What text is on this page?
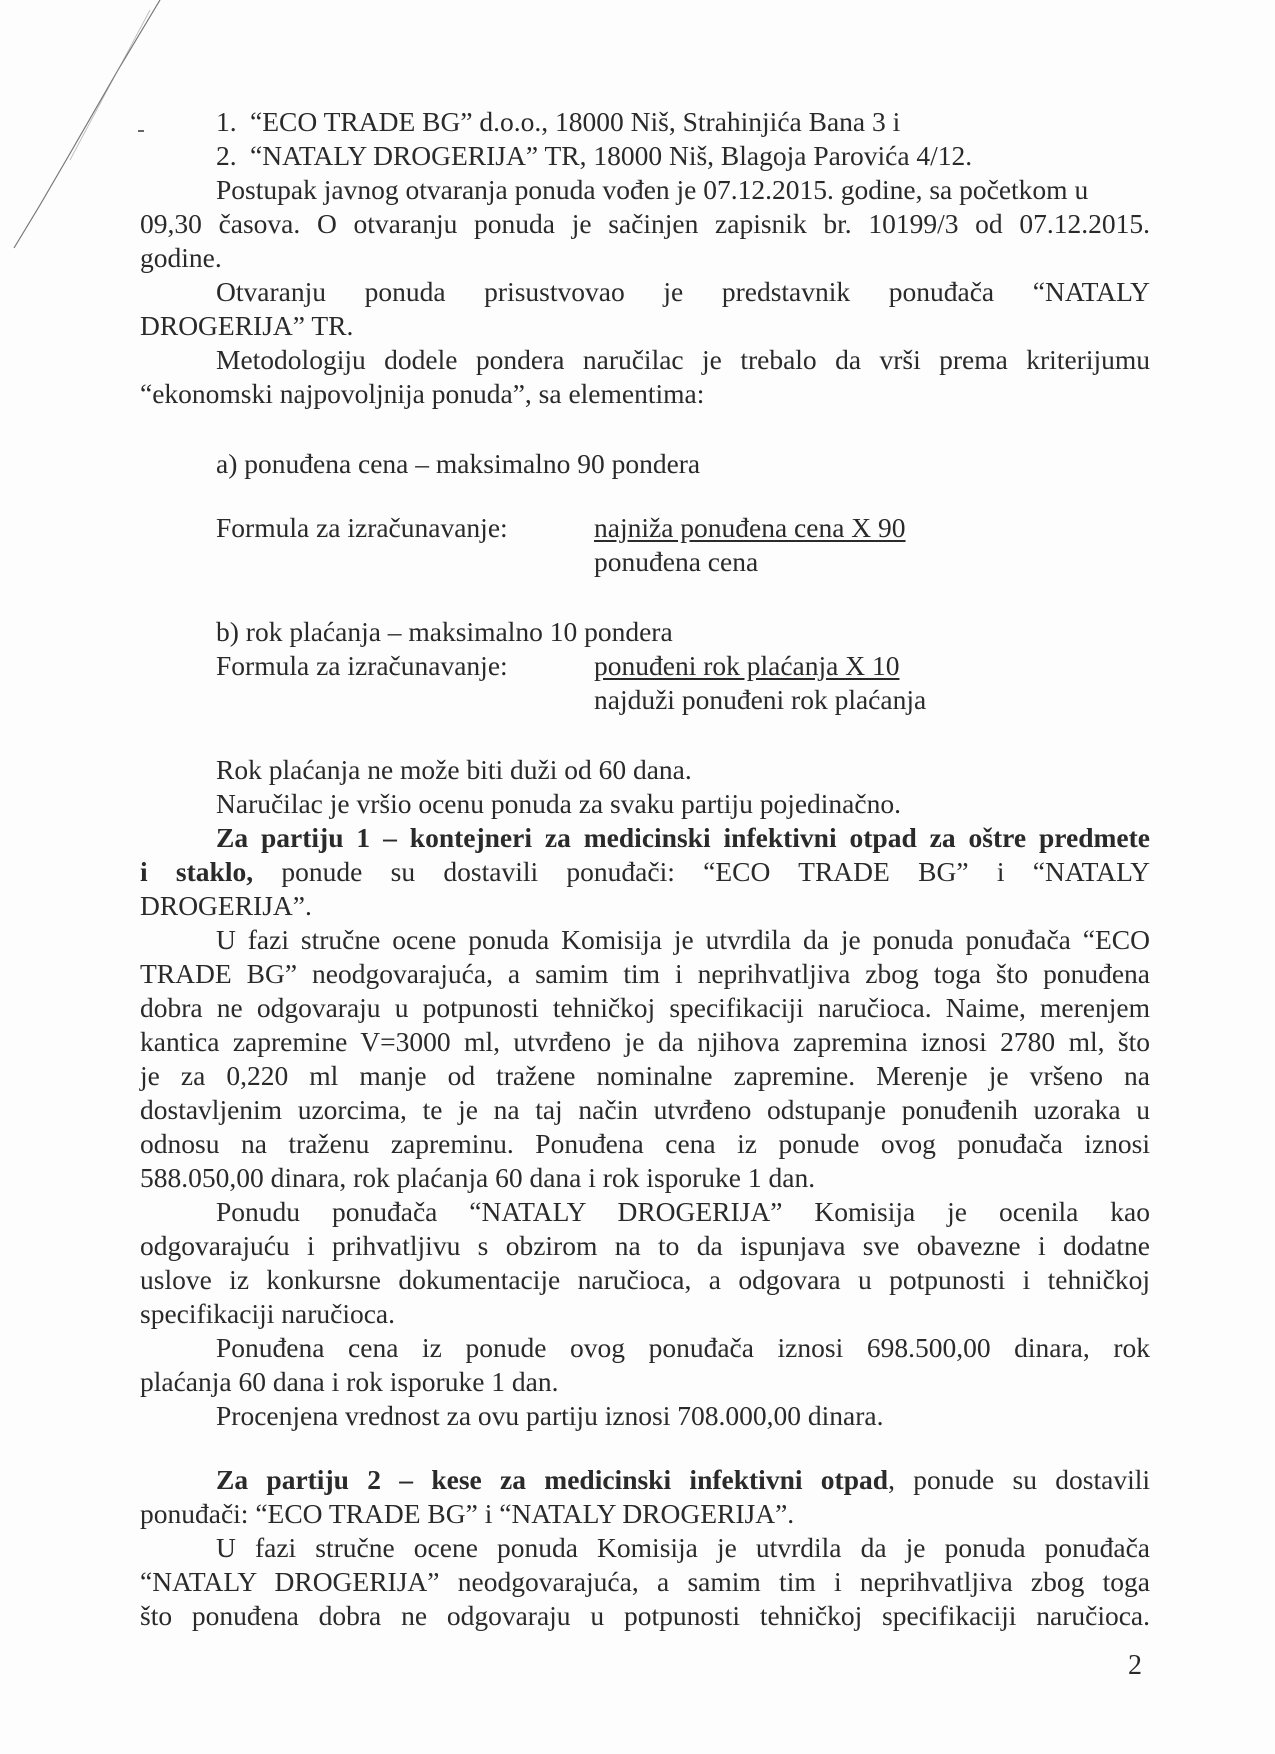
1. “ECO TRADE BG” d.o.o., 18000 Niš, Strahinjića Bana 3 i
2. “NATALY DROGERIJA” TR, 18000 Niš, Blagoja Parovića 4/12.
Postupak javnog otvaranja ponuda vođen je 07.12.2015. godine, sa početkom u
09,30 časova. O otvaranju ponuda je sačinjen zapisnik br. 10199/3 od 07.12.2015.
godine.
Otvaranju ponuda prisustvovao je predstavnik ponuđača “NATALY
DROGERIJA” TR.
Metodologiju dodele pondera naručilac je trebalo da vrši prema kriterijumu
“ekonomski najpovoljnija ponuda”, sa elementima:
a) ponuđena cena – maksimalno 90 pondera
Formula za izračunavanje:	$\frac{\text{najniža ponuđena cena X 90}}{\text{ponuđena cena}}$
b) rok plaćanja – maksimalno 10 pondera
Formula za izračunavanje:	$\frac{\text{ponuđeni rok plaćanja X 10}}{\text{najduži ponuđeni rok plaćanja}}$
Rok plaćanja ne može biti duži od 60 dana.
Naručilac je vršio ocenu ponuda za svaku partiju pojedinačno.
Za partiju 1 – kontejneri za medicinski infektivni otpad za oštre predmete
i staklo, ponude su dostavili ponuđači: “ECO TRADE BG” i “NATALY
DROGERIJA”.
U fazi stručne ocene ponuda Komisija je utvrdila da je ponuda ponuđača “ECO
TRADE BG” neodgovarajuća, a samim tim i neprihvatljiva zbog toga što ponuđena
dobra ne odgovaraju u potpunosti tehničkoj specifikaciji naručioca. Naime, merenjem
kantica zapremine V=3000 ml, utvrđeno je da njihova zapremina iznosi 2780 ml, što
je za 0,220 ml manje od tražene nominalne zapremine. Merenje je vršeno na
dostavljenim uzorcima, te je na taj način utvrđeno odstupanje ponuđenih uzoraka u
odnosu na traženu zapreminu. Ponuđena cena iz ponude ovog ponuđača iznosi
588.050,00 dinara, rok plaćanja 60 dana i rok isporuke 1 dan.
Ponudu ponuđača “NATALY DROGERIJA” Komisija je ocenila kao
odgovarajuću i prihvatljivu s obzirom na to da ispunjava sve obavezne i dodatne
uslove iz konkursne dokumentacije naručioca, a odgovara u potpunosti i tehničkoj
specifikaciji naručioca.
Ponuđena cena iz ponude ovog ponuđača iznosi 698.500,00 dinara, rok
plaćanja 60 dana i rok isporuke 1 dan.
Procenjena vrednost za ovu partiju iznosi 708.000,00 dinara.
Za partiju 2 – kese za medicinski infektivni otpad, ponude su dostavili
ponuđači: “ECO TRADE BG” i “NATALY DROGERIJA”.
U fazi stručne ocene ponuda Komisija je utvrdila da je ponuda ponuđača
“NATALY DROGERIJA” neodgovarajuća, a samim tim i neprihvatljiva zbog toga
što ponuđena dobra ne odgovaraju u potpunosti tehničkoj specifikaciji naručioca.
2
